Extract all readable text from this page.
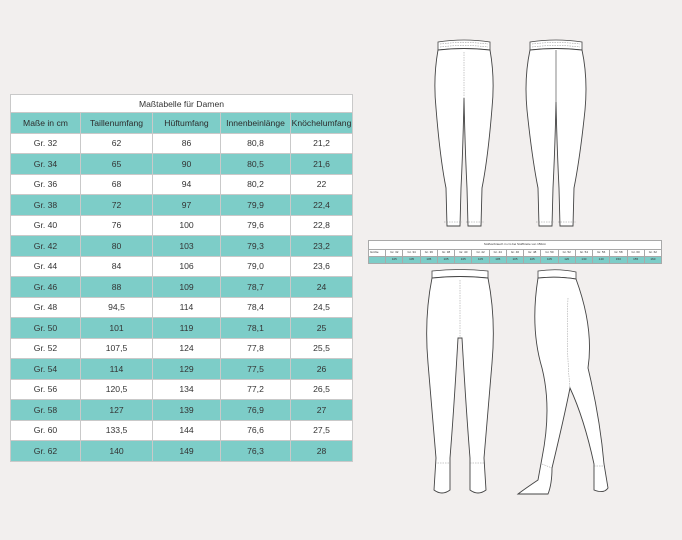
Maßtabelle für Damen				
Maße in cm	Taillenumfang	Hüftumfang	Innenbeinlänge	Knöchelumfang
Gr. 32	62	86	80,8	21,2
Gr. 34	65	90	80,5	21,6
Gr. 36	68	94	80,2	22
Gr. 38	72	97	79,9	22,4
Gr. 40	76	100	79,6	22,8
Gr. 42	80	103	79,3	23,2
Gr. 44	84	106	79,0	23,6
Gr. 46	88	109	78,7	24
Gr. 48	94,5	114	78,4	24,5
Gr. 50	101	119	78,1	25
Gr. 52	107,5	124	77,8	25,5
Gr. 54	114	129	77,5	26
Gr. 56	120,5	134	77,2	26,5
Gr. 58	127	139	76,9	27
Gr. 60	133,5	144	76,6	27,5
Gr. 62	140	149	76,3	28
Stoffverbrauch in cm bei Stoffbreite von 150cm																
Größe	Gr. 32	Gr. 34	Gr. 36	Gr. 38	Gr. 40	Gr. 42	Gr. 44	Gr. 46	Gr. 48	Gr. 50	Gr. 52	Gr. 54	Gr. 56	Gr. 58	Gr. 60	Gr. 62
	105	105	105	105	105	105	105	105	105	105	120	130	140	150	155	160
